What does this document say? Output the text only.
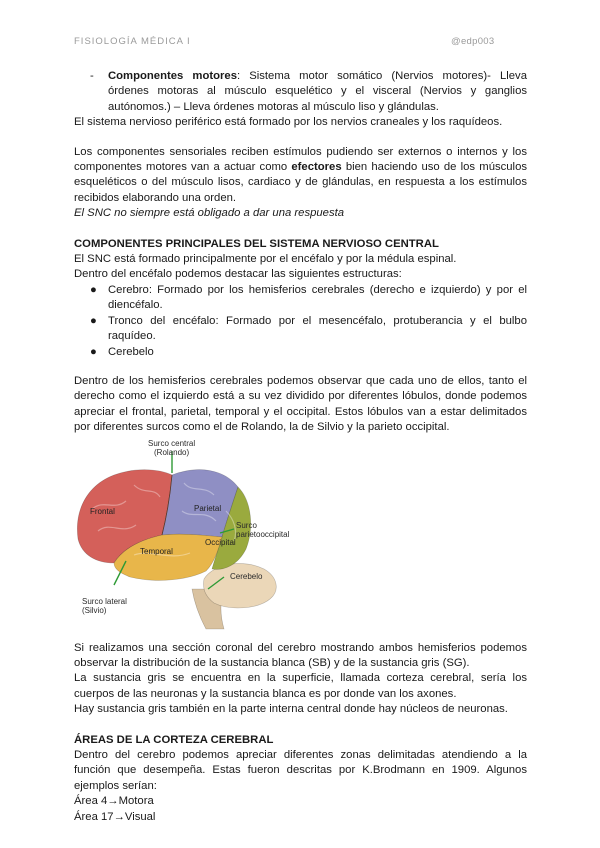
FISIOLOGÍA MÉDICA I	@edp003
- Componentes motores: Sistema motor somático (Nervios motores)- Lleva órdenes motoras al músculo esquelético y el visceral (Nervios y ganglios autónomos.) – Lleva órdenes motoras al músculo liso y glándulas.

El sistema nervioso periférico está formado por los nervios craneales y los raquídeos.

Los componentes sensoriales reciben estímulos pudiendo ser externos o internos y los componentes motores van a actuar como efectores bien haciendo uso de los músculos esqueléticos o del músculo lisos, cardiaco y de glándulas, en respuesta a los estímulos recibidos elaborando una orden.

El SNC no siempre está obligado a dar una respuesta

COMPONENTES PRINCIPALES DEL SISTEMA NERVIOSO CENTRAL

El SNC está formado principalmente por el encéfalo y por la médula espinal.

Dentro del encéfalo podemos destacar las siguientes estructuras:

● Cerebro: Formado por los hemisferios cerebrales (derecho e izquierdo) y por el diencéfalo.
● Tronco del encéfalo: Formado por el mesencéfalo, protuberancia y el bulbo raquídeo.
● Cerebelo

Dentro de los hemisferios cerebrales podemos observar que cada uno de ellos, tanto el derecho como el izquierdo está a su vez dividido por diferentes lóbulos, donde podemos apreciar el frontal, parietal, temporal y el occipital. Estos lóbulos van a estar delimitados por diferentes surcos como el de Rolando, la de Silvio y la parieto occipital.

Surco central
(Rolando)
Frontal	Parietal
Occipital
Temporal
Surco
parietooccipital
Cerebelo
Surco lateral
(Silvio)

Si realizamos una sección coronal del cerebro mostrando ambos hemisferios podemos observar la distribución de la sustancia blanca (SB) y de la sustancia gris (SG).

La sustancia gris se encuentra en la superficie, llamada corteza cerebral, sería los cuerpos de las neuronas y la sustancia blanca es por donde van los axones.

Hay sustancia gris también en la parte interna central donde hay núcleos de neuronas.

ÁREAS DE LA CORTEZA CEREBRAL

Dentro del cerebro podemos apreciar diferentes zonas delimitadas atendiendo a la función que desempeña. Estas fueron descritas por K.Brodmann en 1909. Algunos ejemplos serían:

Área 4→Motora

Área 17→Visual
